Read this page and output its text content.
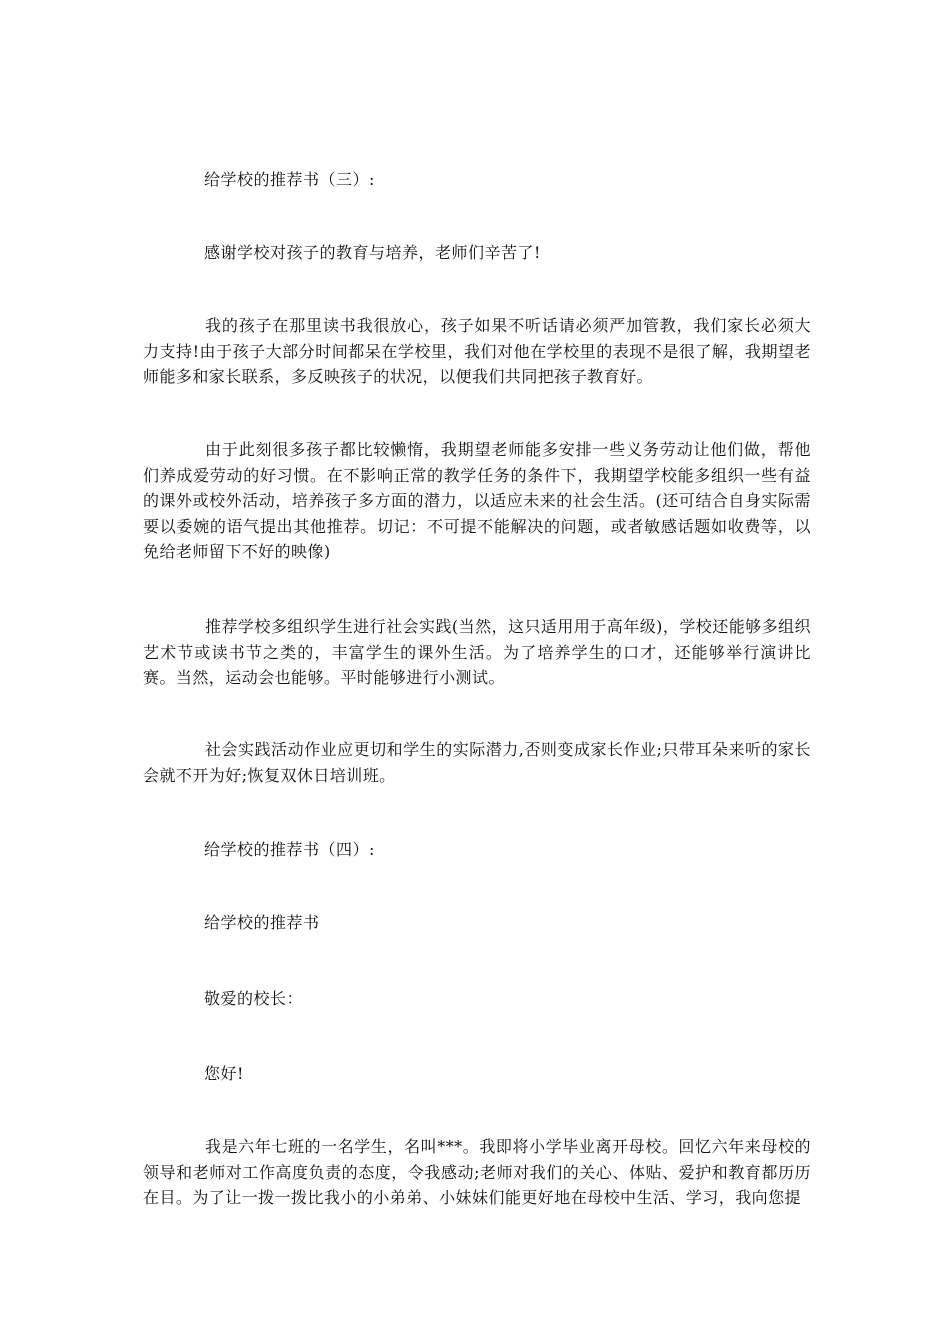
给学校的推荐书（三）:
感谢学校对孩子的教育与培养，老师们辛苦了!
我的孩子在那里读书我很放心，孩子如果不听话请必须严加管教，我们家长必须大力支持!由于孩子大部分时间都呆在学校里，我们对他在学校里的表现不是很了解，我期望老师能多和家长联系，多反映孩子的状况，以便我们共同把孩子教育好。
由于此刻很多孩子都比较懒惰，我期望老师能多安排一些义务劳动让他们做，帮他们养成爱劳动的好习惯。在不影响正常的教学任务的条件下，我期望学校能多组织一些有益的课外或校外活动，培养孩子多方面的潜力，以适应未来的社会生活。(还可结合自身实际需要以委婉的语气提出其他推荐。切记：不可提不能解决的问题，或者敏感话题如收费等，以免给老师留下不好的映像)
推荐学校多组织学生进行社会实践(当然，这只适用用于高年级)，学校还能够多组织艺术节或读书节之类的，丰富学生的课外生活。为了培养学生的口才，还能够举行演讲比赛。当然，运动会也能够。平时能够进行小测试。
社会实践活动作业应更切和学生的实际潜力,否则变成家长作业;只带耳朵来听的家长会就不开为好;恢复双休日培训班。
给学校的推荐书（四）:
给学校的推荐书
敬爱的校长：
您好!
我是六年七班的一名学生，名叫***。我即将小学毕业离开母校。回忆六年来母校的领导和老师对工作高度负责的态度，令我感动;老师对我们的关心、体贴、爱护和教育都历历在目。为了让一拨一拨比我小的小弟弟、小妹妹们能更好地在母校中生活、学习，我向您提
